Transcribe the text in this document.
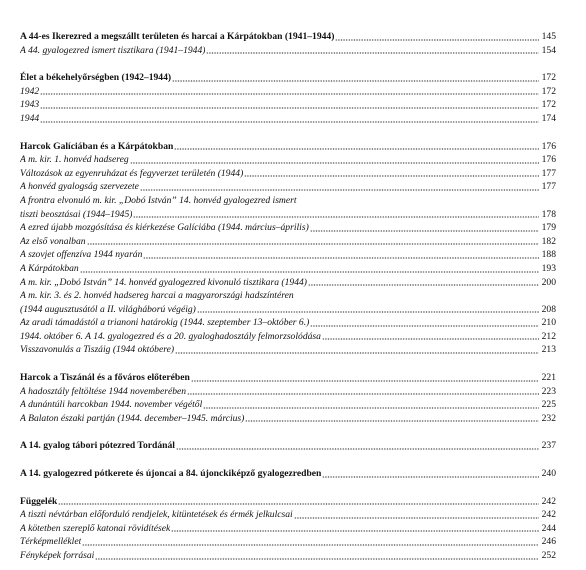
A 44-es Ikerezred a megszállt területen és harcai a Kárpátokban (1941–1944)	145
A 44. gyalogezred ismert tisztikara (1941–1944)	154
Élet a békehelyőrségben (1942–1944)	172
1942	172
1943	172
1944	174
Harcok Galíciában és a Kárpátokban	176
A m. kir. 1. honvéd hadsereg	176
Változások az egyenruházat és fegyverzet területén (1944)	177
A honvéd gyalogság szervezete	177
A frontra elvonuló m. kir. „Dobó István” 14. honvéd gyalogezred ismert
tiszti beosztásai (1944–1945)	178
A ezred újabb mozgósítása és kiérkezése Galíciába (1944. március–április)	179
Az első vonalban	182
A szovjet offenzíva 1944 nyarán	188
A Kárpátokban	193
A m. kir. „Dobó István” 14. honvéd gyalogezred kivonuló tisztikara (1944)	200
A m. kir. 3. és 2. honvéd hadsereg harcai a magyarországi hadszíntéren
(1944 augusztusától a II. világháború végéig)	208
Az aradi támadástól a trianoni határokig (1944. szeptember 13–október 6.)	210
1944. október 6. A 14. gyalogezred és a 20. gyaloghadosztály felmorzsolódása	212
Visszavonulás a Tiszáig (1944 októbere)	213
Harcok a Tiszánál és a főváros előterében	221
A hadosztály feltöltése 1944 novemberében	223
A dunántúli harcokban 1944. november végétől	225
A Balaton északi partján (1944. december–1945. március)	232
A 14. gyalog tábori pótezred Tordánál	237
A 14. gyalogezred pótkerete és újoncai a 84. újonckiképző gyalogezredben	240
Függelék	242
A tiszti névtárban előforduló rendjelek, kitüntetések és érmék jelkulcsai	242
A kötetben szereplő katonai rövidítések	244
Térképmelléklet	246
Fényképek forrásai	252
